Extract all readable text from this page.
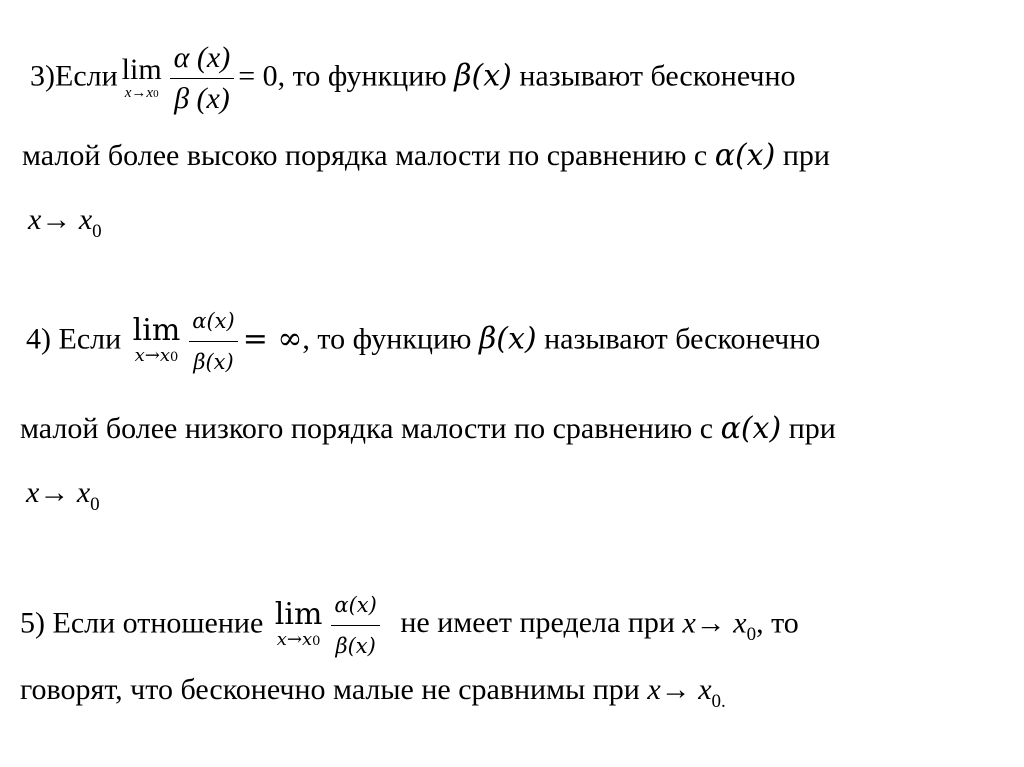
3)Если lim
$x\to x0 \frac{\alpha (x)}{\beta (x)} = 0$, то функцию β(x) называют бесконечно
малой более высоко порядка малости по сравнению с α(x) при
$x\to x_0$
4) Если lim
$x\to x0 \frac{\alpha(x)}{\beta(x)}$ = ∞, то функцию β(x) называют бесконечно
малой более низкого порядка малости по сравнению с α(x) при
$x\to x_0$
5) Если отношение lim
$x\to x0 \frac{\alpha(x)}{\beta(x)}$ не имеет предела при $x\to x_0$, то
говорят, что бесконечно малые не сравнимы при $x\to x_{0.}$
